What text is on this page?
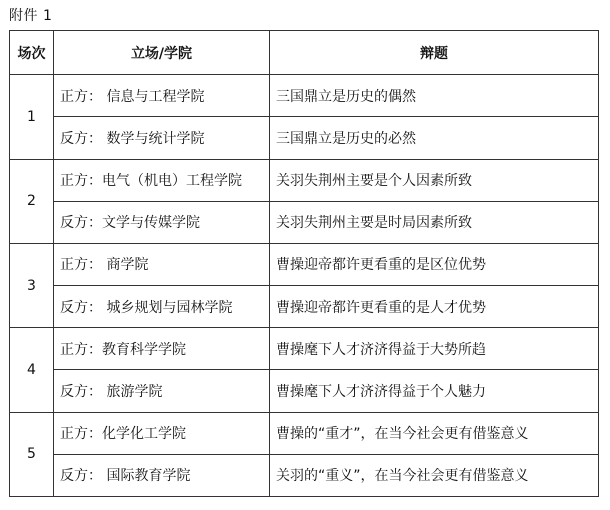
附件 1
场次	立场/学院	辩题
1	正方： 信息与工程学院	三国鼎立是历史的偶然
	反方： 数学与统计学院	三国鼎立是历史的必然
2	正方：电气（机电）工程学院	关羽失荆州主要是个人因素所致
	反方：文学与传媒学院	关羽失荆州主要是时局因素所致
3	正方： 商学院	曹操迎帝都许更看重的是区位优势
	反方： 城乡规划与园林学院	曹操迎帝都许更看重的是人才优势
4	正方：教育科学学院	曹操麾下人才济济得益于大势所趋
	反方： 旅游学院	曹操麾下人才济济得益于个人魅力
5	正方：化学化工学院	曹操的“重才”，在当今社会更有借鉴意义
	反方： 国际教育学院	关羽的“重义”，在当今社会更有借鉴意义
